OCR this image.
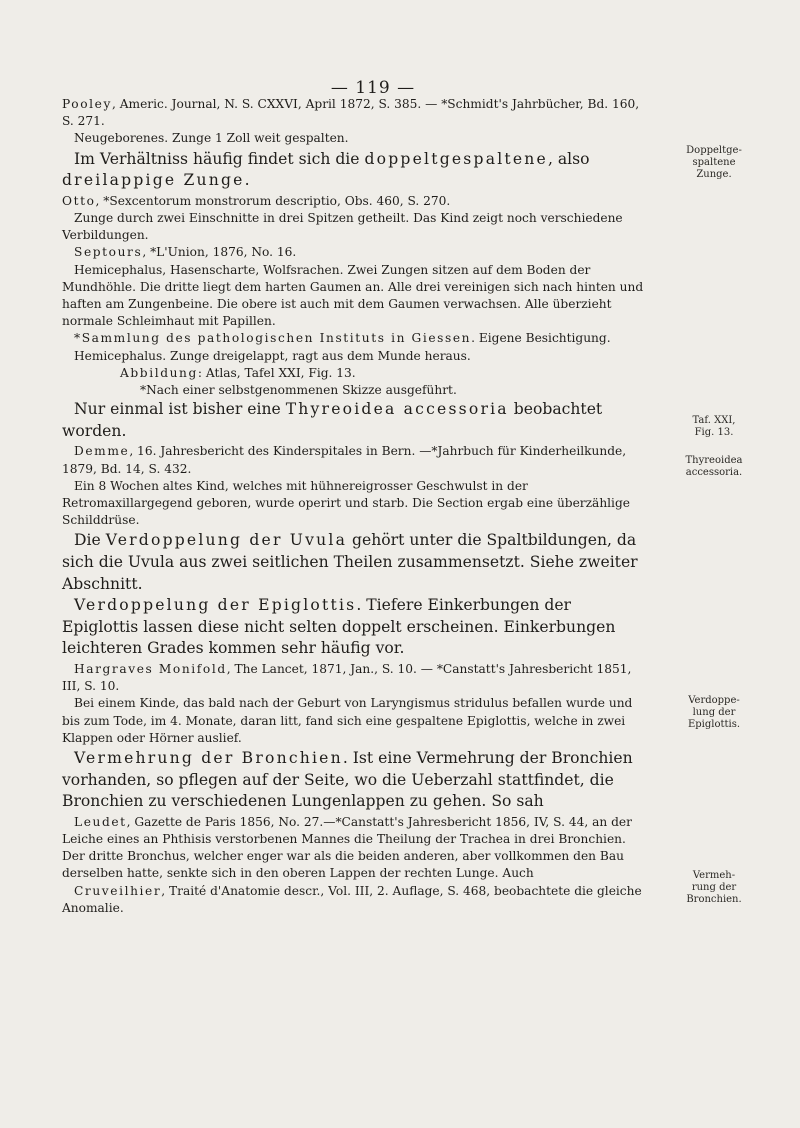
— 119 —

Pooley, Americ. Journal, N. S. CXXVI, April 1872, S. 385. — *Schmidt's Jahrbücher, Bd. 160, S. 271.

Neugeborenes. Zunge 1 Zoll weit gespalten.

Im Verhältniss häufig findet sich die doppeltgespaltene, also dreilappige Zunge.

Otto, *Sexcentorum monstrorum descriptio, Obs. 460, S. 270.

Zunge durch zwei Einschnitte in drei Spitzen getheilt. Das Kind zeigt noch verschiedene Verbildungen.

Septours, *L'Union, 1876, No. 16.

Hemicephalus, Hasenscharte, Wolfsrachen. Zwei Zungen sitzen auf dem Boden der Mundhöhle. Die dritte liegt dem harten Gaumen an. Alle drei vereinigen sich nach hinten und haften am Zungenbeine. Die obere ist auch mit dem Gaumen verwachsen. Alle überzieht normale Schleimhaut mit Papillen.

*Sammlung des pathologischen Instituts in Giessen. Eigene Besichtigung.

Hemicephalus. Zunge dreigelappt, ragt aus dem Munde heraus.

Abbildung: Atlas, Tafel XXI, Fig. 13.

*Nach einer selbstgenommenen Skizze ausgeführt.

Nur einmal ist bisher eine Thyreoidea accessoria beobachtet worden.

Demme, 16. Jahresbericht des Kinderspitales in Bern. —*Jahrbuch für Kinderheilkunde, 1879, Bd. 14, S. 432.

Ein 8 Wochen altes Kind, welches mit hühnereigrosser Geschwulst in der Retromaxillargegend geboren, wurde operirt und starb. Die Section ergab eine überzählige Schilddrüse.

Die Verdoppelung der Uvula gehört unter die Spaltbildungen, da sich die Uvula aus zwei seitlichen Theilen zusammensetzt. Siehe zweiter Abschnitt.

Verdoppelung der Epiglottis. Tiefere Einkerbungen der Epiglottis lassen diese nicht selten doppelt erscheinen. Einkerbungen leichteren Grades kommen sehr häufig vor.

Hargraves Monifold, The Lancet, 1871, Jan., S. 10. — *Canstatt's Jahresbericht 1851, III, S. 10.

Bei einem Kinde, das bald nach der Geburt von Laryngismus stridulus befallen wurde und bis zum Tode, im 4. Monate, daran litt, fand sich eine gespaltene Epiglottis, welche in zwei Klappen oder Hörner auslief.

Vermehrung der Bronchien. Ist eine Vermehrung der Bronchien vorhanden, so pflegen auf der Seite, wo die Ueberzahl stattfindet, die Bronchien zu verschiedenen Lungenlappen zu gehen. So sah

Leudet, Gazette de Paris 1856, No. 27.—*Canstatt's Jahresbericht 1856, IV, S. 44, an der Leiche eines an Phthisis verstorbenen Mannes die Theilung der Trachea in drei Bronchien. Der dritte Bronchus, welcher enger war als die beiden anderen, aber vollkommen den Bau derselben hatte, senkte sich in den oberen Lappen der rechten Lunge. Auch

Cruveilhier, Traité d'Anatomie descr., Vol. III, 2. Auflage, S. 468, beobachtete die gleiche Anomalie.

Doppeltge-
spaltene
Zunge.
Taf. XXI,
Fig. 13.
Thyreoidea
accessoria.
Verdoppe-
lung der
Epiglottis.
Vermeh-
rung der
Bronchien.
